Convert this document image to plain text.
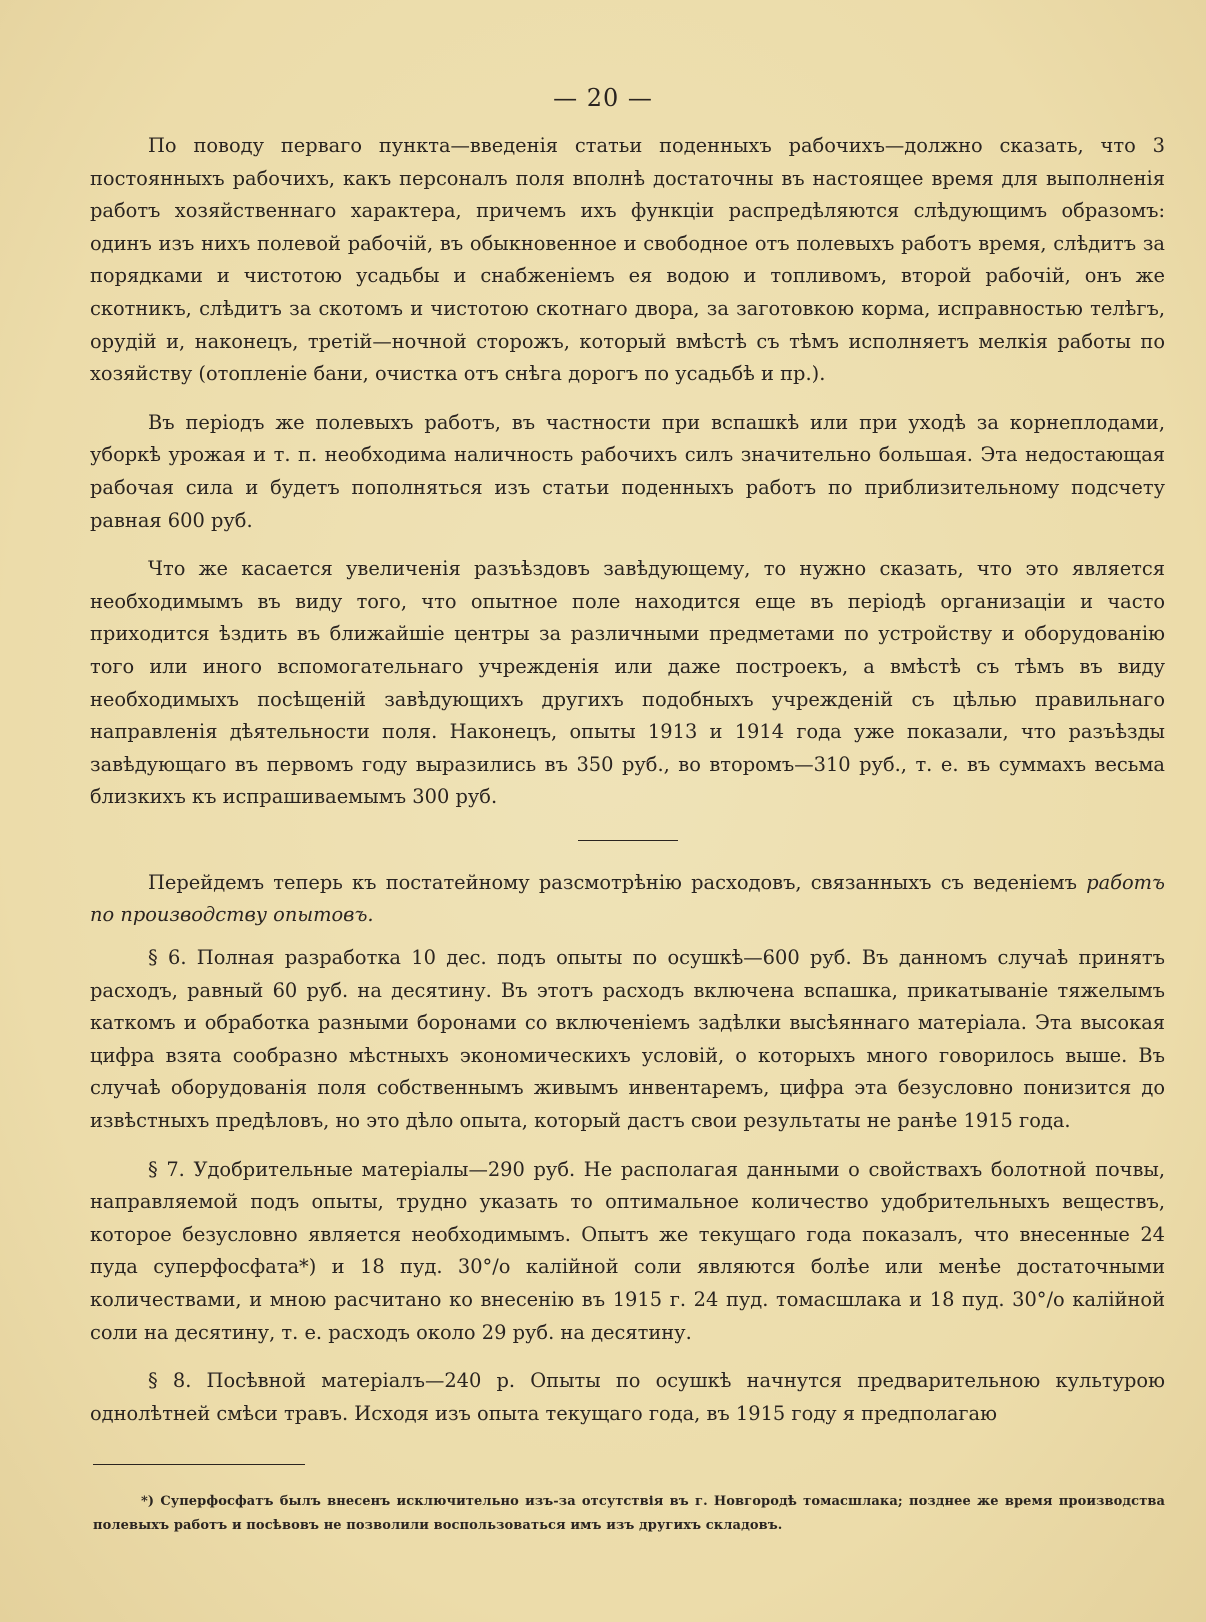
— 20 —

По поводу перваго пункта—введенія статьи поденныхъ рабочихъ—должно сказать, что 3 постоянныхъ рабочихъ, какъ персоналъ поля вполнѣ достаточны въ настоящее время для выполненія работъ хозяйственнаго характера, причемъ ихъ функціи распредѣляются слѣдующимъ образомъ: одинъ изъ нихъ полевой рабочій, въ обыкновенное и свободное отъ полевыхъ работъ время, слѣдитъ за порядками и чистотою усадьбы и снабженіемъ ея водою и топливомъ, второй рабочій, онъ же скотникъ, слѣдитъ за скотомъ и чистотою скотнаго двора, за заготовкою корма, исправностью телѣгъ, орудій и, наконецъ, третій—ночной сторожъ, который вмѣстѣ съ тѣмъ исполняетъ мелкія работы по хозяйству (отопленіе бани, очистка отъ снѣга дорогъ по усадьбѣ и пр.).

Въ періодъ же полевыхъ работъ, въ частности при вспашкѣ или при уходѣ за корнеплодами, уборкѣ урожая и т. п. необходима наличность рабочихъ силъ значительно большая. Эта недостающая рабочая сила и будетъ пополняться изъ статьи поденныхъ работъ по приблизительному подсчету равная 600 руб.

Что же касается увеличенія разъѣздовъ завѣдующему, то нужно сказать, что это является необходимымъ въ виду того, что опытное поле находится еще въ періодѣ организаціи и часто приходится ѣздить въ ближайшіе центры за различными предметами по устройству и оборудованію того или иного вспомогательнаго учрежденія или даже построекъ, а вмѣстѣ съ тѣмъ въ виду необходимыхъ посѣщеній завѣдующихъ другихъ подобныхъ учрежденій съ цѣлью правильнаго направленія дѣятельности поля. Наконецъ, опыты 1913 и 1914 года уже показали, что разъѣзды завѣдующаго въ первомъ году выразились въ 350 руб., во второмъ—310 руб., т. е. въ суммахъ весьма близкихъ къ испрашиваемымъ 300 руб.

Перейдемъ теперь къ постатейному разсмотрѣнію расходовъ, связанныхъ съ веденіемъ работъ по производству опытовъ.

§ 6. Полная разработка 10 дес. подъ опыты по осушкѣ—600 руб. Въ данномъ случаѣ принятъ расходъ, равный 60 руб. на десятину. Въ этотъ расходъ включена вспашка, прикатываніе тяжелымъ каткомъ и обработка разными боронами со включеніемъ задѣлки высѣяннаго матеріала. Эта высокая цифра взята сообразно мѣстныхъ экономическихъ условій, о которыхъ много говорилось выше. Въ случаѣ оборудованія поля собственнымъ живымъ инвентаремъ, цифра эта безусловно понизится до извѣстныхъ предѣловъ, но это дѣло опыта, который дастъ свои результаты не ранѣе 1915 года.

§ 7. Удобрительные матеріалы—290 руб. Не располагая данными о свойствахъ болотной почвы, направляемой подъ опыты, трудно указать то оптимальное количество удобрительныхъ веществъ, которое безусловно является необходимымъ. Опытъ же текущаго года показалъ, что внесенные 24 пуда суперфосфата*) и 18 пуд. 30°/о калійной соли являются болѣе или менѣе достаточными количествами, и мною расчитано ко внесенію въ 1915 г. 24 пуд. томасшлака и 18 пуд. 30°/о калійной соли на десятину, т. е. расходъ около 29 руб. на десятину.

§ 8. Посѣвной матеріалъ—240 р. Опыты по осушкѣ начнутся предварительною культурою однолѣтней смѣси травъ. Исходя изъ опыта текущаго года, въ 1915 году я предполагаю

*) Суперфосфатъ былъ внесенъ исключительно изъ-за отсутствія въ г. Новгородѣ томасшлака; позднее же время производства полевыхъ работъ и посѣвовъ не позволили воспользоваться имъ изъ другихъ складовъ.
